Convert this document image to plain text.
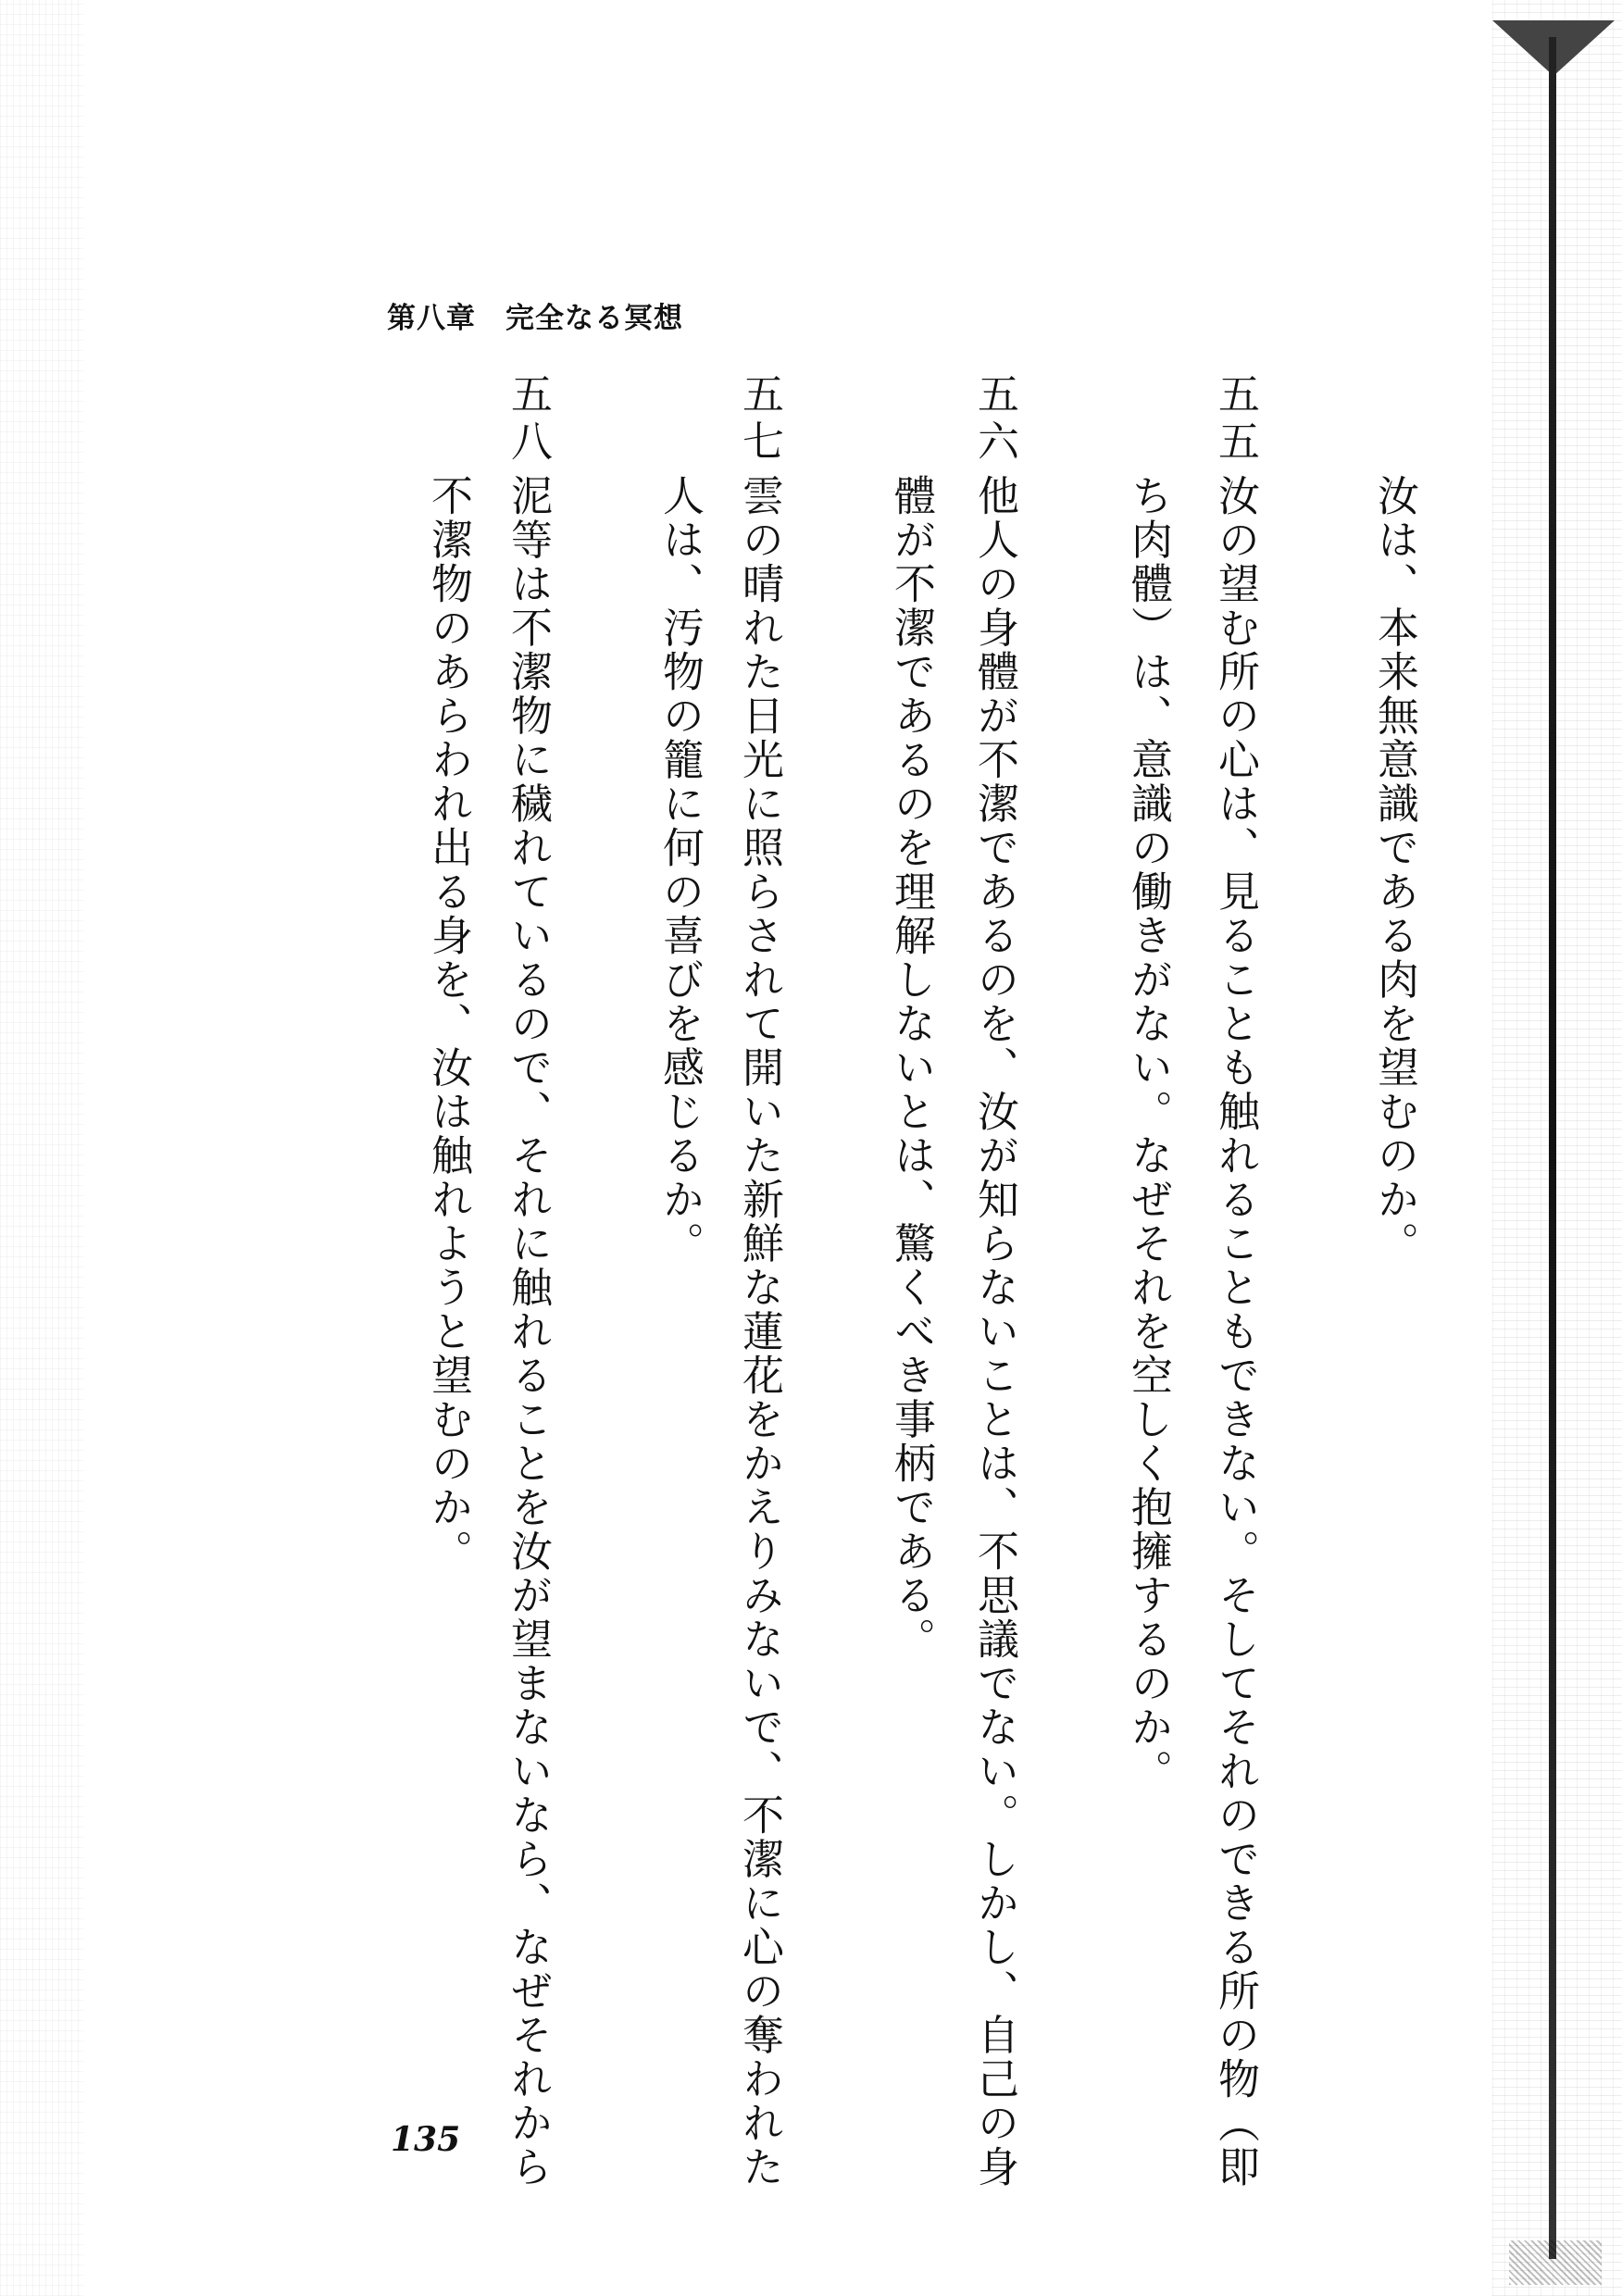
第八章　完全なる冥想
汝は、本来無意識である肉を望むのか。
五五
汝の望む所の心は、見ることも触れることもできない。そしてそれのできる所の物（即
ち肉體）は、意識の働きがない。なぜそれを空しく抱擁するのか。
五六
他人の身體が不潔であるのを、汝が知らないことは、不思議でない。しかし、自己の身
體が不潔であるのを理解しないとは、驚くべき事柄である。
五七
雲の晴れた日光に照らされて開いた新鮮な蓮花をかえりみないで、不潔に心の奪われた
人は、汚物の籠に何の喜びを感じるか。
五八
泥等は不潔物に穢れているので、それに触れることを汝が望まないなら、なぜそれから
不潔物のあらわれ出る身を、汝は触れようと望むのか。
135
